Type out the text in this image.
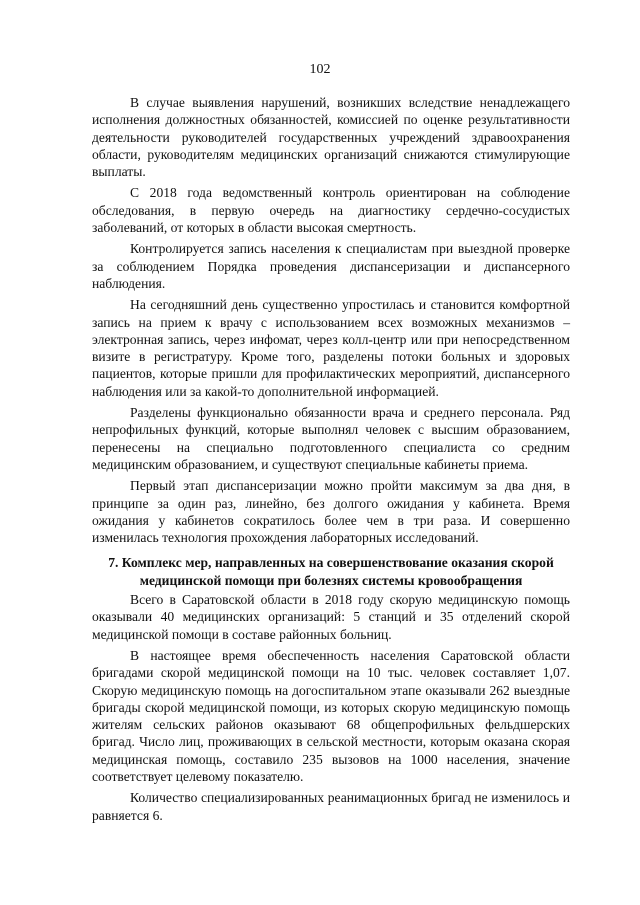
102

В случае выявления нарушений, возникших вследствие ненадлежащего исполнения должностных обязанностей, комиссией по оценке результативности деятельности руководителей государственных учреждений здравоохранения области, руководителям медицинских организаций снижаются стимулирующие выплаты.

С 2018 года ведомственный контроль ориентирован на соблюдение обследования, в первую очередь на диагностику сердечно-сосудистых заболеваний, от которых в области высокая смертность.

Контролируется запись населения к специалистам при выездной проверке за соблюдением Порядка проведения диспансеризации и диспансерного наблюдения.

На сегодняшний день существенно упростилась и становится комфортной запись на прием к врачу с использованием всех возможных механизмов – электронная запись, через инфомат, через колл-центр или при непосредственном визите в регистратуру. Кроме того, разделены потоки больных и здоровых пациентов, которые пришли для профилактических мероприятий, диспансерного наблюдения или за какой-то дополнительной информацией.

Разделены функционально обязанности врача и среднего персонала. Ряд непрофильных функций, которые выполнял человек с высшим образованием, перенесены на специально подготовленного специалиста со средним медицинским образованием, и существуют специальные кабинеты приема.

Первый этап диспансеризации можно пройти максимум за два дня, в принципе за один раз, линейно, без долгого ожидания у кабинета. Время ожидания у кабинетов сократилось более чем в три раза. И совершенно изменилась технология прохождения лабораторных исследований.

7. Комплекс мер, направленных на совершенствование оказания скорой медицинской помощи при болезнях системы кровообращения

Всего в Саратовской области в 2018 году скорую медицинскую помощь оказывали 40 медицинских организаций: 5 станций и 35 отделений скорой медицинской помощи в составе районных больниц.

В настоящее время обеспеченность населения Саратовской области бригадами скорой медицинской помощи на 10 тыс. человек составляет 1,07. Скорую медицинскую помощь на догоспитальном этапе оказывали 262 выездные бригады скорой медицинской помощи, из которых скорую медицинскую помощь жителям сельских районов оказывают 68 общепрофильных фельдшерских бригад. Число лиц, проживающих в сельской местности, которым оказана скорая медицинская помощь, составило 235 вызовов на 1000 населения, значение соответствует целевому показателю.

Количество специализированных реанимационных бригад не изменилось и равняется 6.
